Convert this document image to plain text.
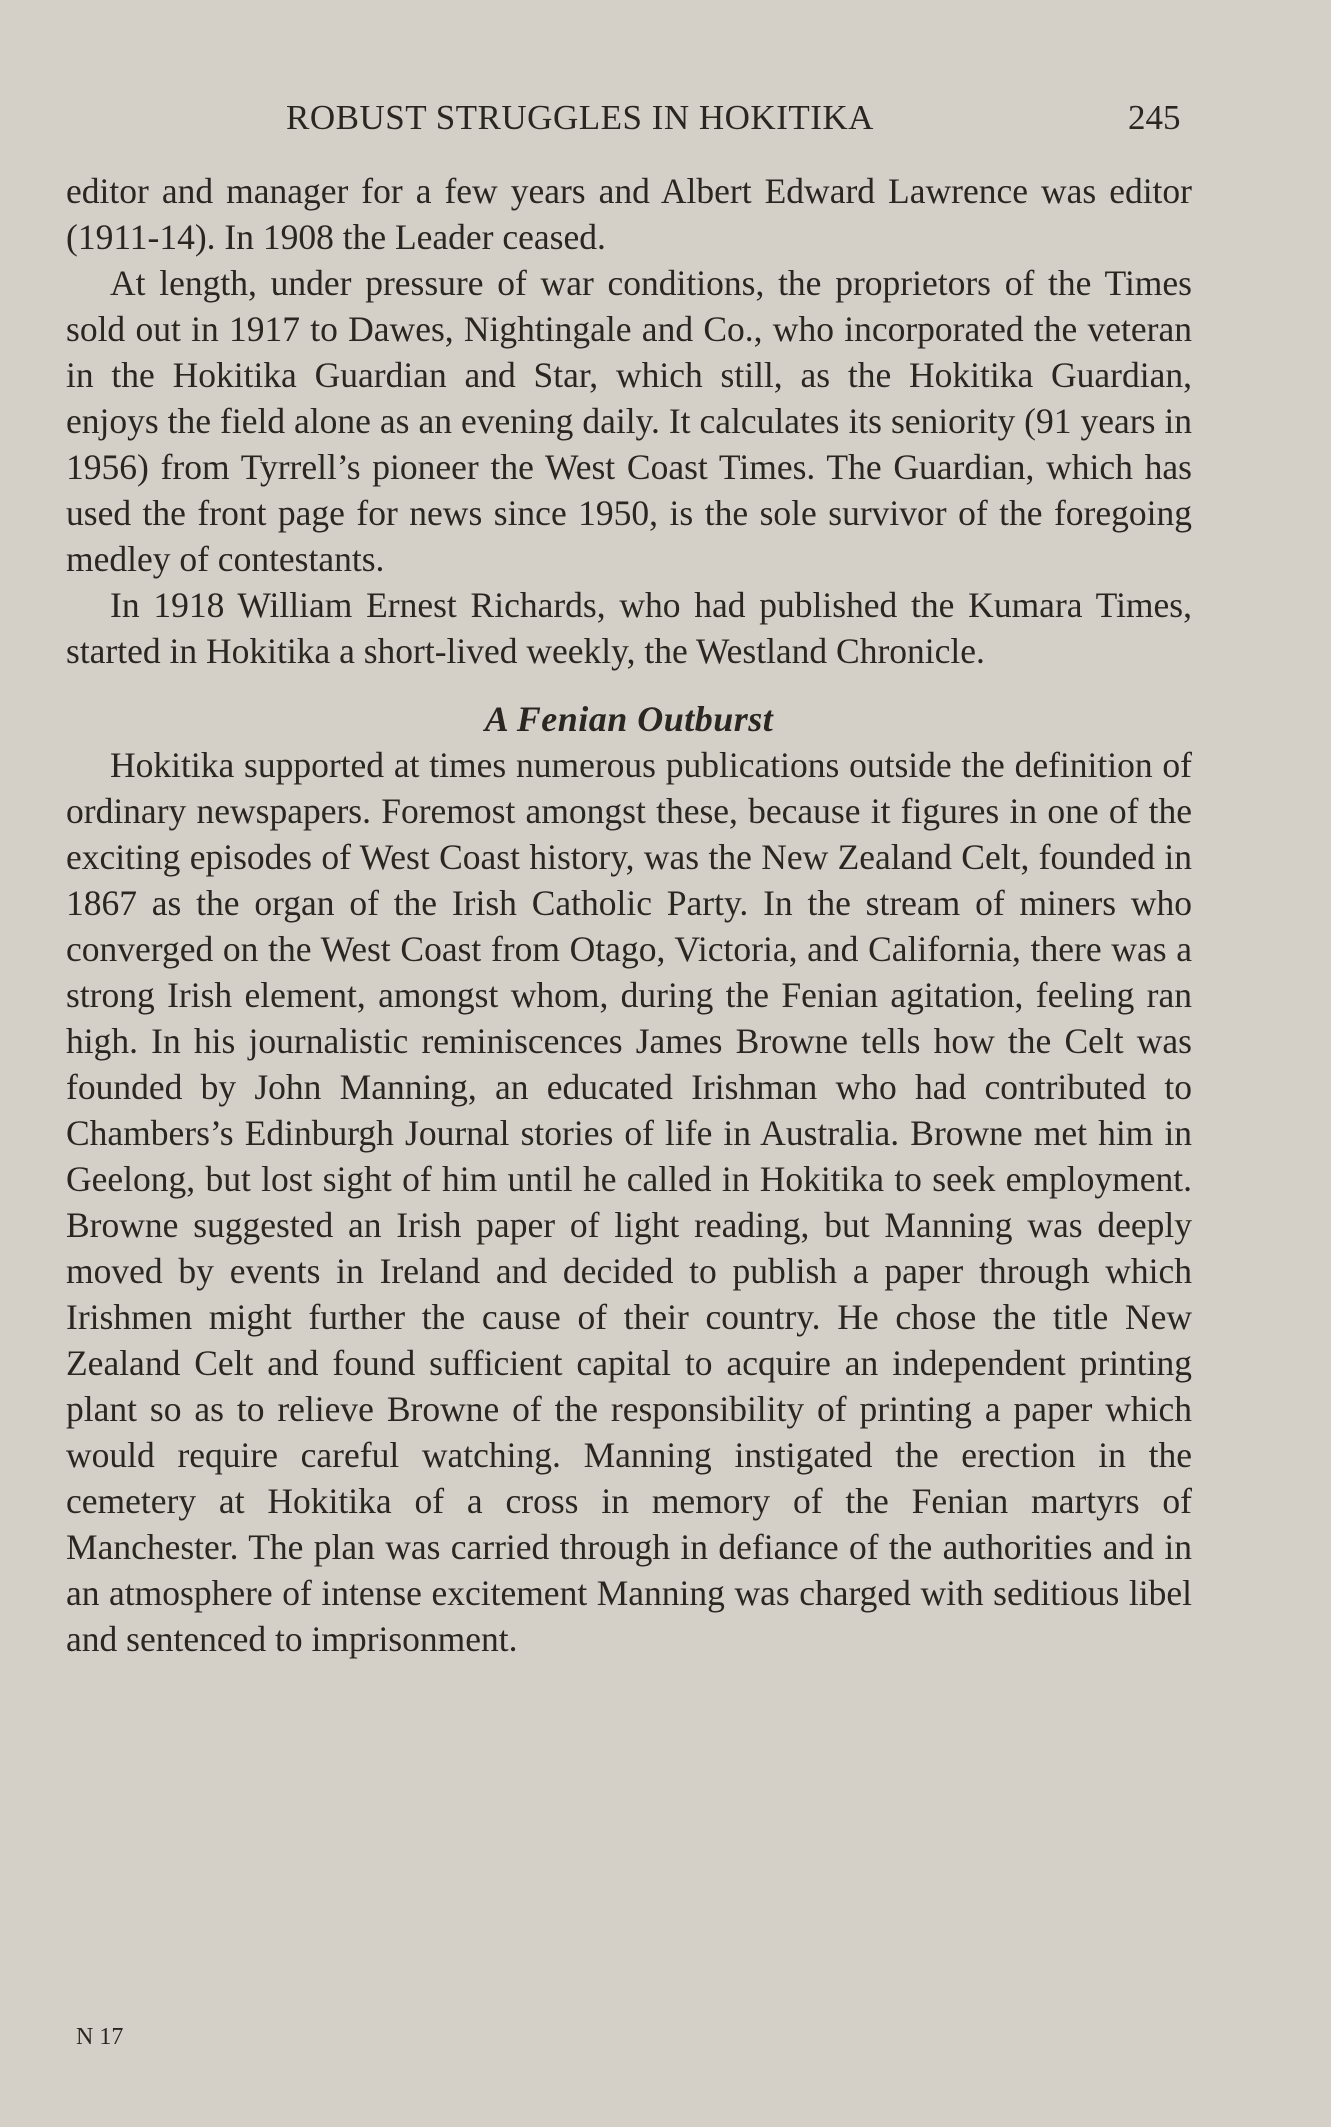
ROBUST STRUGGLES IN HOKITIKA	245

editor and manager for a few years and Albert Edward Lawrence was editor (1911-14). In 1908 the Leader ceased.

At length, under pressure of war conditions, the proprietors of the Times sold out in 1917 to Dawes, Nightingale and Co., who incorporated the veteran in the Hokitika Guardian and Star, which still, as the Hokitika Guardian, enjoys the field alone as an evening daily. It calculates its seniority (91 years in 1956) from Tyrrell’s pioneer the West Coast Times. The Guardian, which has used the front page for news since 1950, is the sole survivor of the foregoing medley of contestants.

In 1918 William Ernest Richards, who had published the Kumara Times, started in Hokitika a short-lived weekly, the Westland Chronicle.

A Fenian Outburst

Hokitika supported at times numerous publications outside the definition of ordinary newspapers. Foremost amongst these, because it figures in one of the exciting episodes of West Coast history, was the New Zealand Celt, founded in 1867 as the organ of the Irish Catholic Party. In the stream of miners who converged on the West Coast from Otago, Victoria, and California, there was a strong Irish element, amongst whom, during the Fenian agitation, feeling ran high. In his journalistic reminiscences James Browne tells how the Celt was founded by John Manning, an educated Irishman who had contributed to Chambers’s Edinburgh Journal stories of life in Australia. Browne met him in Geelong, but lost sight of him until he called in Hokitika to seek employment. Browne suggested an Irish paper of light reading, but Manning was deeply moved by events in Ireland and decided to publish a paper through which Irishmen might further the cause of their country. He chose the title New Zealand Celt and found sufficient capital to acquire an independent printing plant so as to relieve Browne of the responsibility of printing a paper which would require careful watching. Manning instigated the erection in the cemetery at Hokitika of a cross in memory of the Fenian martyrs of Manchester. The plan was carried through in defiance of the authorities and in an atmosphere of intense excitement Manning was charged with seditious libel and sentenced to imprisonment.

N 17
